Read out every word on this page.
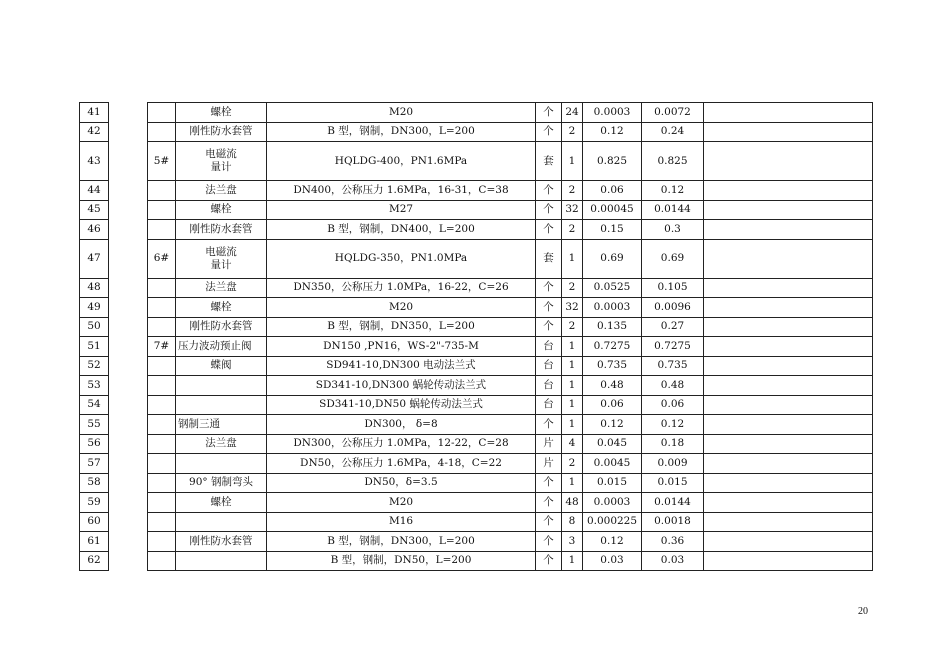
41			螺栓	M20	个	24	0.0003	0.0072	
42			刚性防水套管	B 型，钢制，DN300，L=200	个	2	0.12	0.24	
43		5#	电磁流量计	HQLDG-400，PN1.6MPa	套	1	0.825	0.825	
44			法兰盘	DN400，公称压力 1.6MPa，16-31，C=38	个	2	0.06	0.12	
45			螺栓	M27	个	32	0.00045	0.0144	
46			刚性防水套管	B 型，钢制，DN400，L=200	个	2	0.15	0.3	
47		6#	电磁流量计	HQLDG-350，PN1.0MPa	套	1	0.69	0.69	
48			法兰盘	DN350，公称压力 1.0MPa，16-22，C=26	个	2	0.0525	0.105	
49			螺栓	M20	个	32	0.0003	0.0096	
50			刚性防水套管	B 型，钢制，DN350，L=200	个	2	0.135	0.27	
51		7#	压力波动预止阀	DN150 ,PN16，WS-2"-735-M	台	1	0.7275	0.7275	
52			蝶阀	SD941-10,DN300 电动法兰式	台	1	0.735	0.735	
53				SD341-10,DN300 蜗轮传动法兰式	台	1	0.48	0.48	
54				SD341-10,DN50 蜗轮传动法兰式	台	1	0.06	0.06	
55			钢制三通	DN300， δ=8	个	1	0.12	0.12	
56			法兰盘	DN300，公称压力 1.0MPa，12-22，C=28	片	4	0.045	0.18	
57				DN50，公称压力 1.6MPa，4-18，C=22	片	2	0.0045	0.009	
58			90° 钢制弯头	DN50，δ=3.5	个	1	0.015	0.015	
59			螺栓	M20	个	48	0.0003	0.0144	
60				M16	个	8	0.000225	0.0018	
61			刚性防水套管	B 型，钢制，DN300，L=200	个	3	0.12	0.36	
62				B 型，钢制，DN50，L=200	个	1	0.03	0.03	
20
